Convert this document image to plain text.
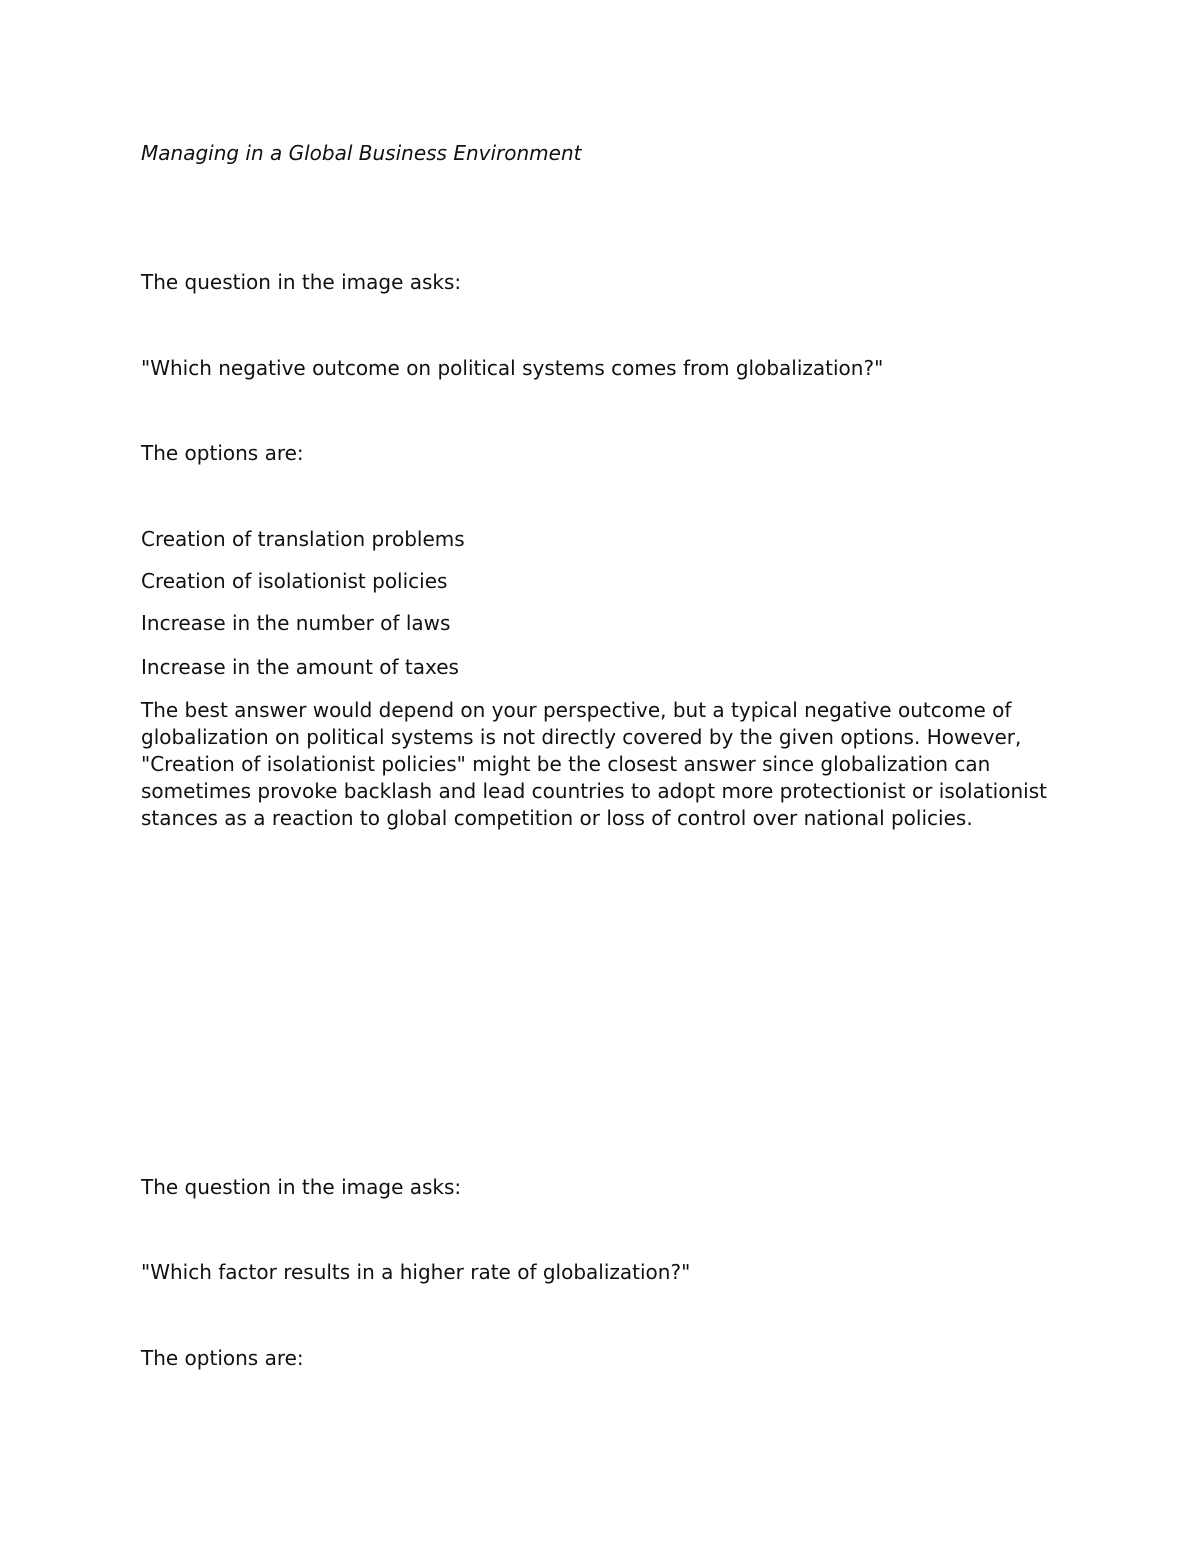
Managing in a Global Business Environment

The question in the image asks:

"Which negative outcome on political systems comes from globalization?"

The options are:

Creation of translation problems

Creation of isolationist policies

Increase in the number of laws

Increase in the amount of taxes

The best answer would depend on your perspective, but a typical negative outcome of globalization on political systems is not directly covered by the given options. However, "Creation of isolationist policies" might be the closest answer since globalization can sometimes provoke backlash and lead countries to adopt more protectionist or isolationist stances as a reaction to global competition or loss of control over national policies.

The question in the image asks:

"Which factor results in a higher rate of globalization?"

The options are:
